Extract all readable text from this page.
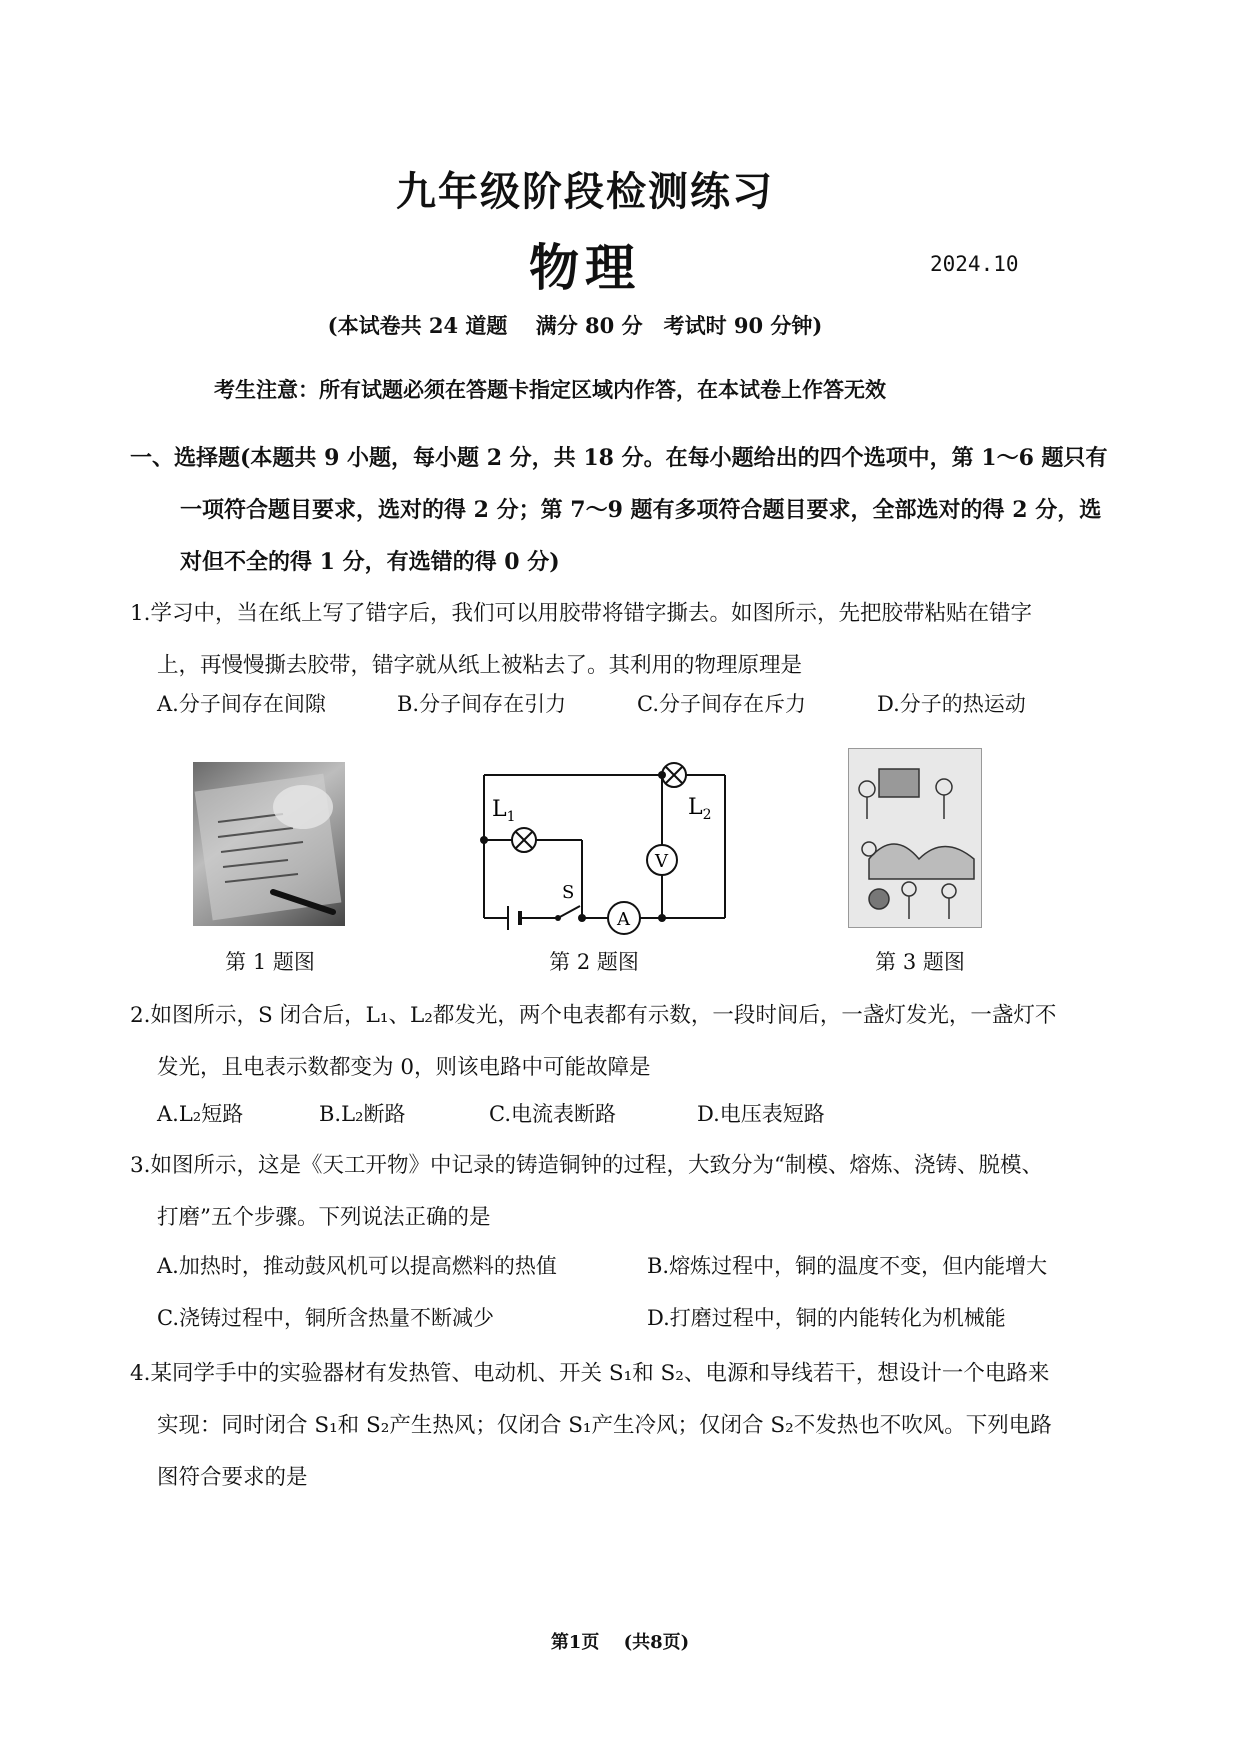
九年级阶段检测练习
物理	2024.10
(本试卷共 24 道题　 满分 80 分　考试时 90 分钟)
考生注意：所有试题必须在答题卡指定区域内作答，在本试卷上作答无效
一、选择题(本题共 9 小题，每小题 2 分，共 18 分。在每小题给出的四个选项中，第 1～6 题只有
一项符合题目要求，选对的得 2 分；第 7～9 题有多项符合题目要求，全部选对的得 2 分，选
对但不全的得 1 分，有选错的得 0 分)
1.学习中，当在纸上写了错字后，我们可以用胶带将错字撕去。如图所示，先把胶带粘贴在错字
上，再慢慢撕去胶带，错字就从纸上被粘去了。其利用的物理原理是
A.分子间存在间隙	B.分子间存在引力	C.分子间存在斥力	D.分子的热运动
$L_1$	$L_2$
S
V
A
第 1 题图	第 2 题图	第 3 题图
2.如图所示，S 闭合后，L₁、L₂都发光，两个电表都有示数，一段时间后，一盏灯发光，一盏灯不
发光，且电表示数都变为 0，则该电路中可能故障是
A.L₂短路	B.L₂断路	C.电流表断路	D.电压表短路
3.如图所示，这是《天工开物》中记录的铸造铜钟的过程，大致分为“制模、熔炼、浇铸、脱模、
打磨”五个步骤。下列说法正确的是
A.加热时，推动鼓风机可以提高燃料的热值	B.熔炼过程中，铜的温度不变，但内能增大
C.浇铸过程中，铜所含热量不断减少	D.打磨过程中，铜的内能转化为机械能
4.某同学手中的实验器材有发热管、电动机、开关 S₁和 S₂、电源和导线若干，想设计一个电路来
实现：同时闭合 S₁和 S₂产生热风；仅闭合 S₁产生冷风；仅闭合 S₂不发热也不吹风。下列电路
图符合要求的是
第1页　 (共8页)
